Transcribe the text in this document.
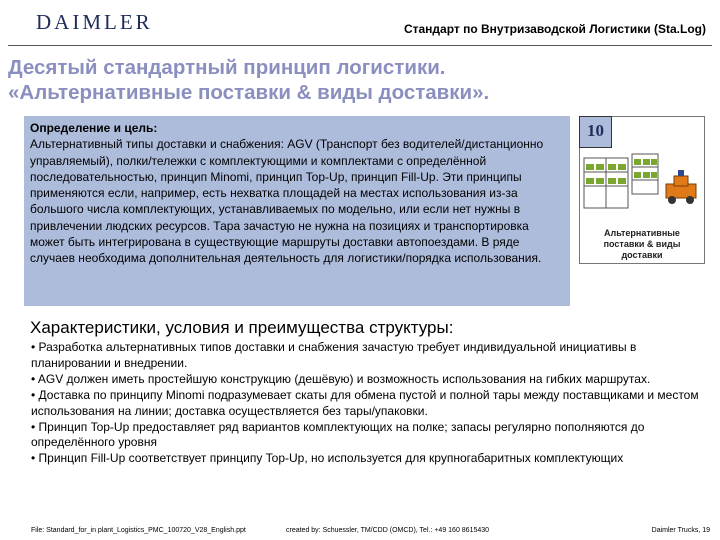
DAIMLER	Стандарт по Внутризаводской Логистики (Sta.Log)
Десятый стандартный принцип логистики.
«Альтернативные поставки & виды доставки».
Определение и цель:
Альтернативный типы доставки и снабжения: AGV (Транспорт без водителей/дистанционно управляемый), полки/тележки с комплектующими и комплектами с определённой последовательностью, принцип Minomi, принцип Top-Up, принцип Fill-Up. Эти принципы применяются если, например, есть нехватка площадей на местах использования из-за большого числа комплектующих, устанавливаемых по модельно, или если нет нужны в привлечении людских ресурсов. Тара зачастую не нужна на позициях и транспортировка может быть интегрирована в существующие маршруты доставки автопоездами. В ряде случаев необходима дополнительная деятельность для логистики/порядка использования.
10
Альтернативные
поставки & виды
доставки
Характеристики, условия и преимущества структуры:
• Разработка альтернативных типов доставки и снабжения зачастую требует индивидуальной инициативы в планировании и внедрении.
• AGV должен иметь простейшую конструкцию (дешёвую) и возможность использования на гибких маршрутах.
• Доставка по принципу Minomi подразумевает скаты для обмена пустой и полной тары между поставщиками и местом использования на линии; доставка осуществляется без тары/упаковки.
• Принцип Top-Up предоставляет ряд вариантов комплектующих на полке; запасы регулярно пополняются до определённого уровня
• Принцип Fill-Up соответствует принципу Top-Up, но используется для крупногабаритных комплектующих
File: Standard_for_in plant_Logistics_PMC_100720_V28_English.ppt	created by: Schuessler, TM/CDD (OMCD), Tel.: +49 160 8615430	Daimler Trucks, 19
